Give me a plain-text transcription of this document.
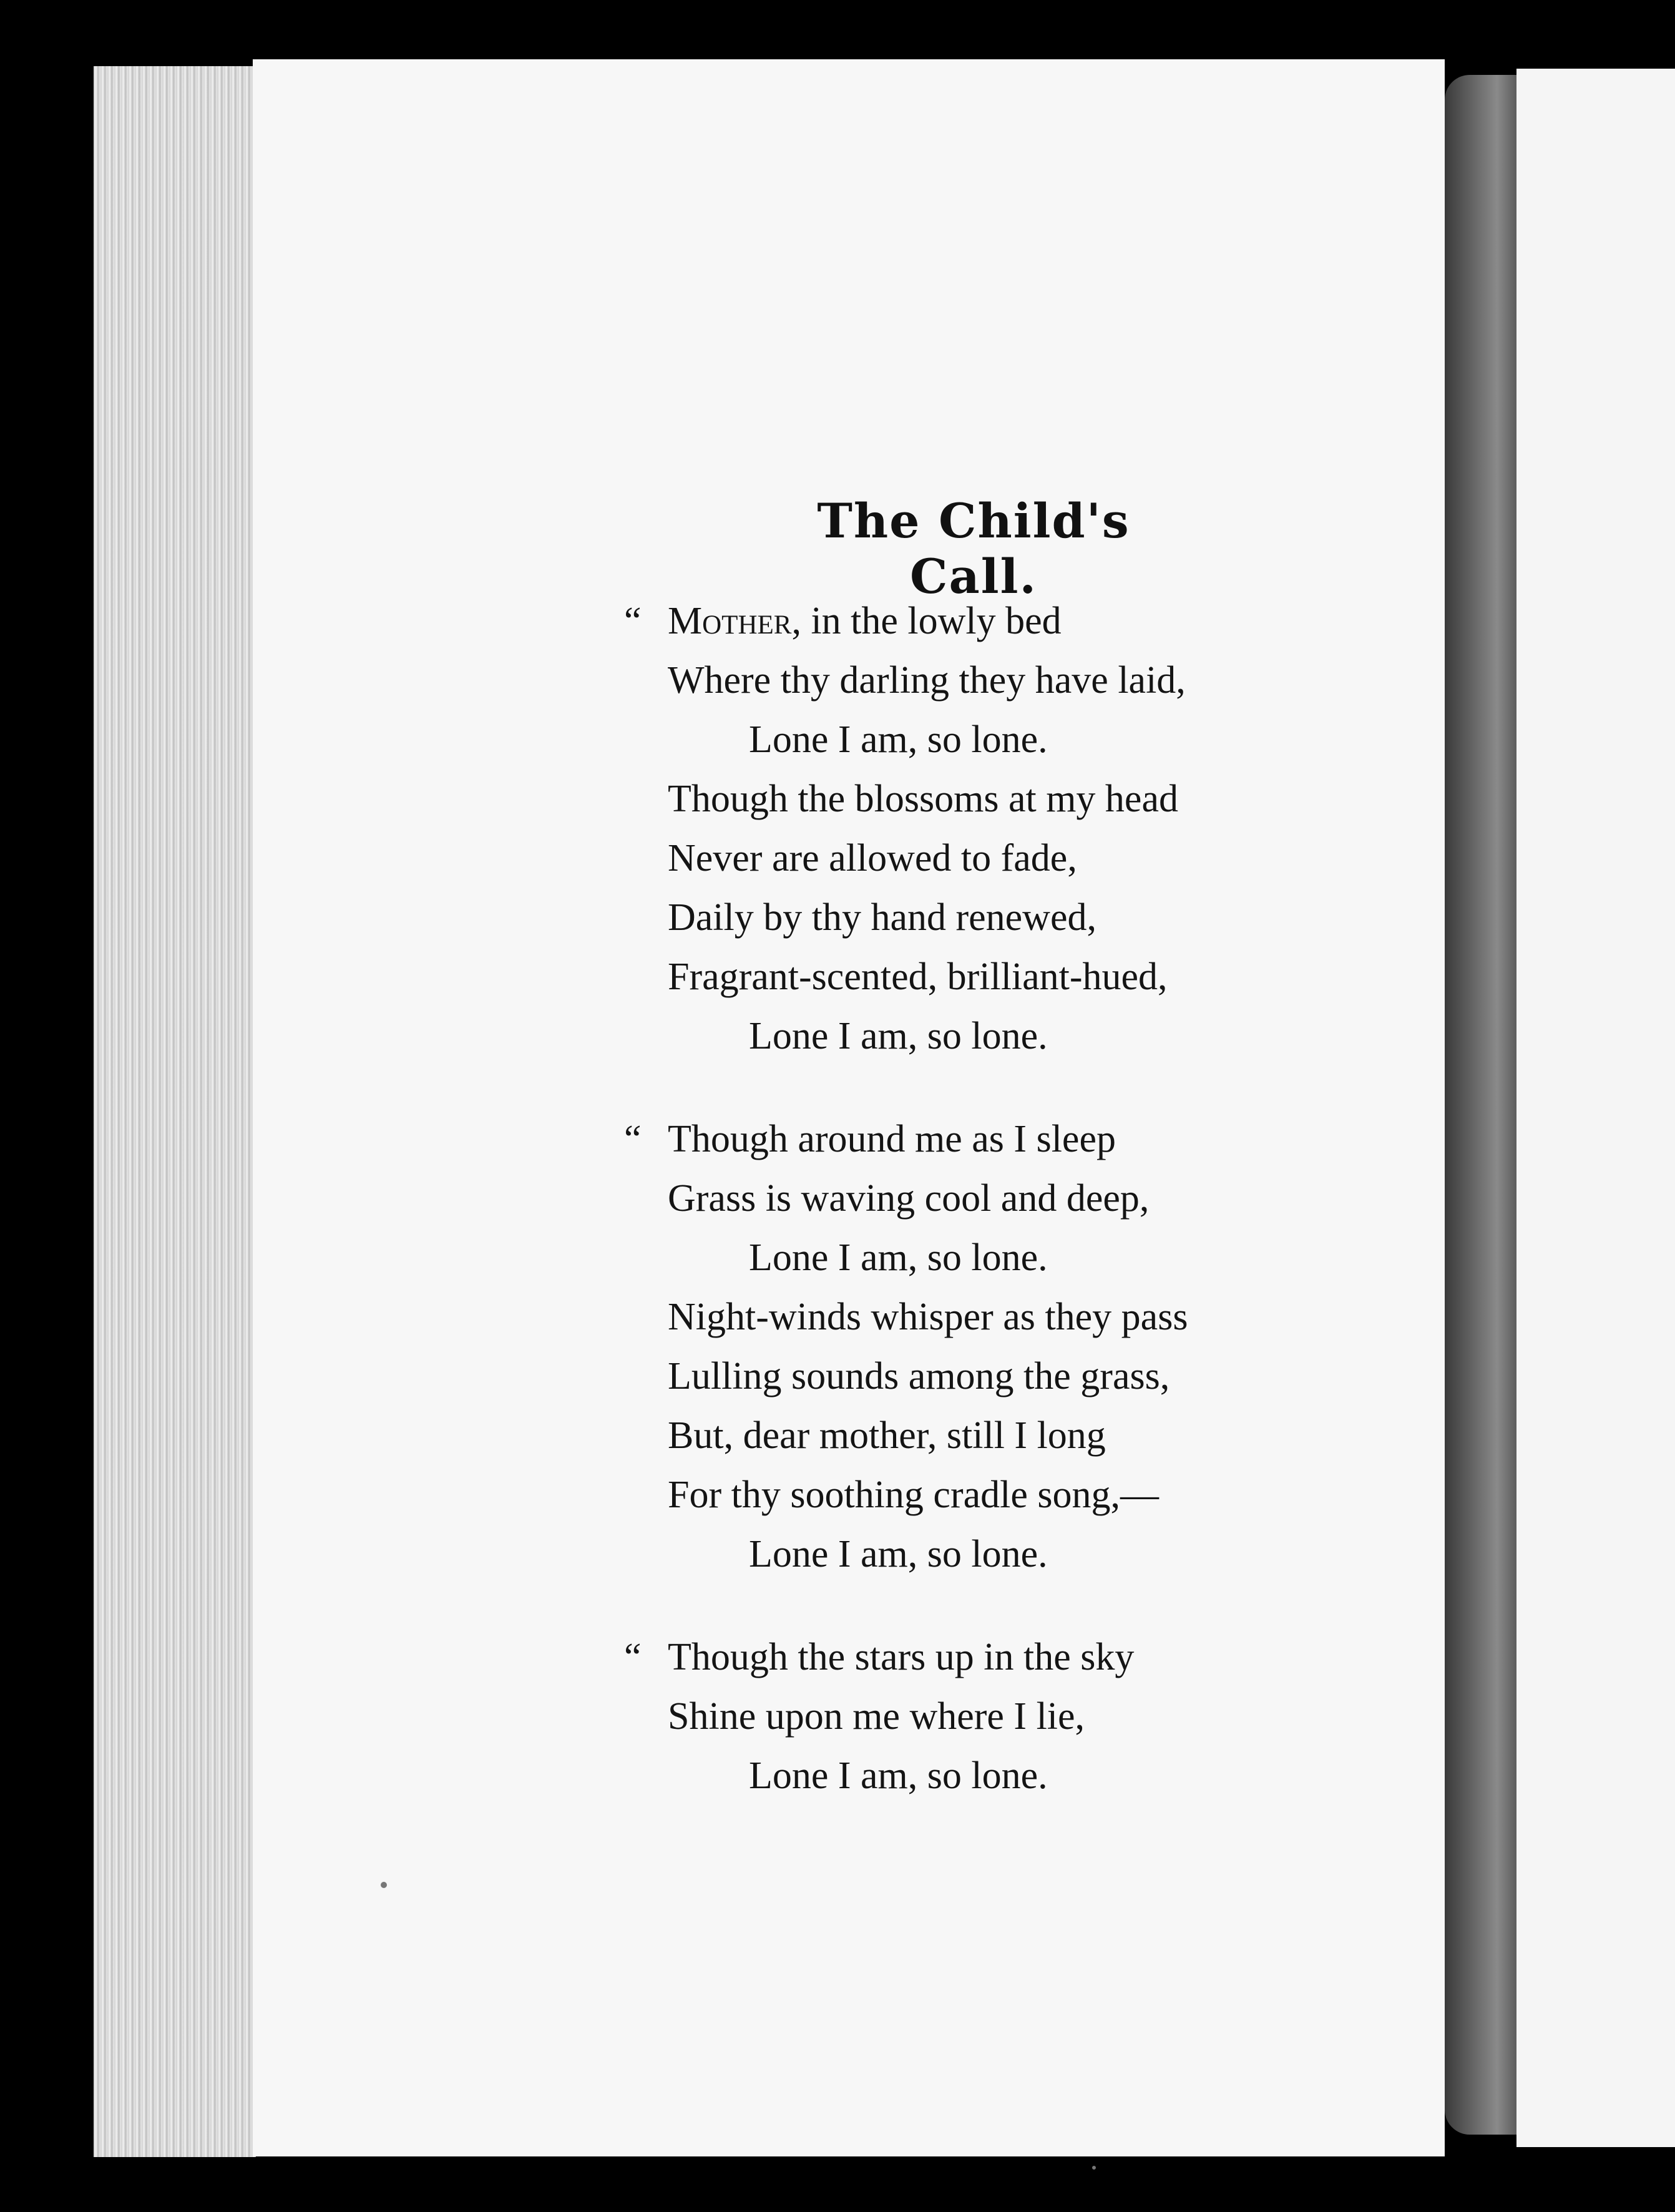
The Child's Call.
“ Mother, in the lowly bed
Where thy darling they have laid,
Lone I am, so lone.
Though the blossoms at my head
Never are allowed to fade,
Daily by thy hand renewed,
Fragrant-scented, brilliant-hued,
Lone I am, so lone.
“ Though around me as I sleep
Grass is waving cool and deep,
Lone I am, so lone.
Night-winds whisper as they pass
Lulling sounds among the grass,
But, dear mother, still I long
For thy soothing cradle song,—
Lone I am, so lone.
“ Though the stars up in the sky
Shine upon me where I lie,
Lone I am, so lone.
